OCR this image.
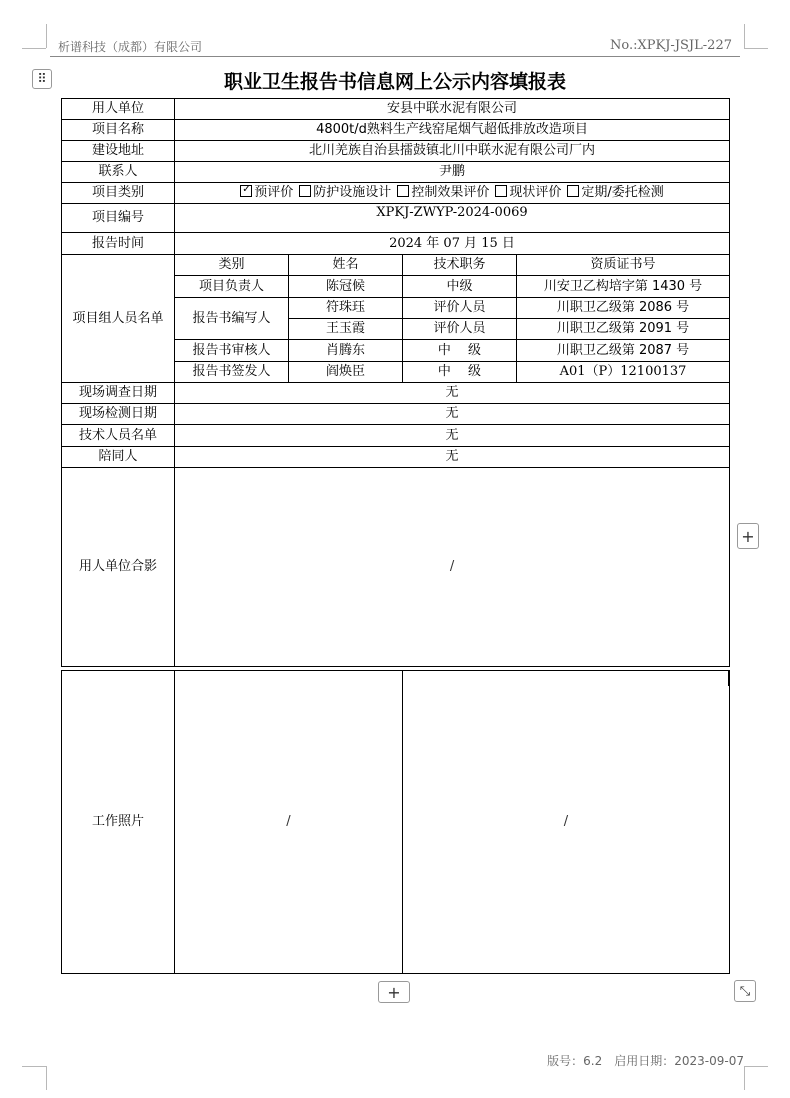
析谱科技（成都）有限公司	No.:XPKJ-JSJL-227
⠿	职业卫生报告书信息网上公示内容填报表
用人单位	安县中联水泥有限公司			
项目名称	4800t/d熟料生产线窑尾烟气超低排放改造项目			
建设地址	北川羌族自治县擂鼓镇北川中联水泥有限公司厂内			
联系人	尹鹏			
项目类别	✓预评价 防护设施设计 控制效果评价 现状评价 定期/委托检测
项目编号	XPKJ-ZWYP-2024-0069			
报告时间	2024 年 07 月 15 日			
项目组人员名单	类别	姓名	技术职务	资质证书号
	项目负责人	陈冠候	中级	川安卫乙构培字第 1430 号
	报告书编写人	符珠珏	评价人员	川职卫乙级第 2086 号
		王玉霞	评价人员	川职卫乙级第 2091 号
	报告书审核人	肖腾东	中　 级	川职卫乙级第 2087 号
	报告书签发人	阎焕臣	中　 级	A01（P）12100137
现场调查日期	无			
现场检测日期	无			
技术人员名单	无			
陪同人	无			
用人单位合影	/			
工作照片	/	/
+
+	⤡
版号：6.2　启用日期：2023-09-07
